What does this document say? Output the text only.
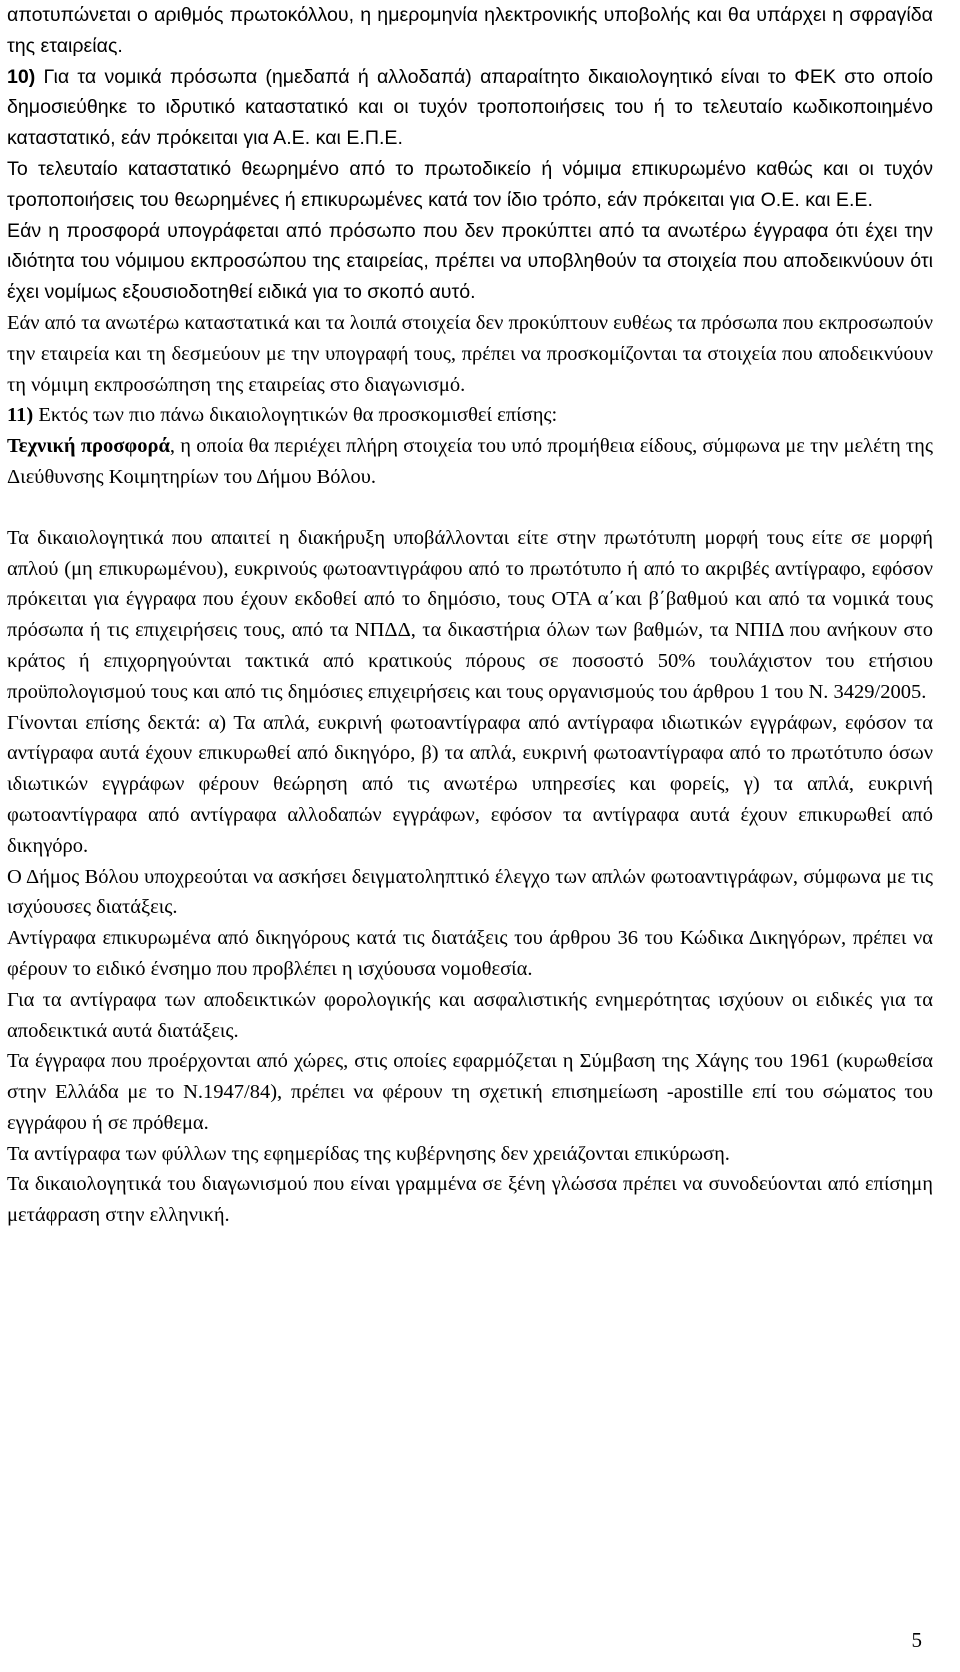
αποτυπώνεται ο αριθμός πρωτοκόλλου, η ημερομηνία ηλεκτρονικής υποβολής και θα υπάρχει η σφραγίδα της εταιρείας.

10) Για τα νομικά πρόσωπα (ημεδαπά ή αλλοδαπά) απαραίτητο δικαιολογητικό είναι το ΦΕΚ στο οποίο δημοσιεύθηκε το ιδρυτικό καταστατικό και οι τυχόν τροποποιήσεις του ή το τελευταίο κωδικοποιημένο καταστατικό, εάν πρόκειται για Α.Ε. και Ε.Π.Ε.

Το τελευταίο καταστατικό θεωρημένο από το πρωτοδικείο ή νόμιμα επικυρωμένο καθώς και οι τυχόν τροποποιήσεις του θεωρημένες ή επικυρωμένες κατά τον ίδιο τρόπο, εάν πρόκειται για Ο.Ε. και Ε.Ε.

Εάν η προσφορά υπογράφεται από πρόσωπο που δεν προκύπτει από τα ανωτέρω έγγραφα ότι έχει την ιδιότητα του νόμιμου εκπροσώπου της εταιρείας, πρέπει να υποβληθούν τα στοιχεία που αποδεικνύουν ότι έχει νομίμως εξουσιοδοτηθεί ειδικά για το σκοπό αυτό.

Εάν από τα ανωτέρω καταστατικά και τα λοιπά στοιχεία δεν προκύπτουν ευθέως τα πρόσωπα που εκπροσωπούν την εταιρεία και τη δεσμεύουν με την υπογραφή τους, πρέπει να προσκομίζονται τα στοιχεία που αποδεικνύουν τη νόμιμη εκπροσώπηση της εταιρείας στο διαγωνισμό.

11) Εκτός των πιο πάνω δικαιολογητικών θα προσκομισθεί επίσης:

Τεχνική προσφορά, η οποία θα περιέχει πλήρη στοιχεία του υπό προμήθεια είδους, σύμφωνα με την μελέτη της Διεύθυνσης Κοιμητηρίων του Δήμου Βόλου.

Τα δικαιολογητικά που απαιτεί η διακήρυξη υποβάλλονται είτε στην πρωτότυπη μορφή τους είτε σε μορφή απλού (μη επικυρωμένου), ευκρινούς φωτοαντιγράφου από το πρωτότυπο ή από το ακριβές αντίγραφο, εφόσον πρόκειται για έγγραφα που έχουν εκδοθεί από το δημόσιο, τους ΟΤΑ α΄και β΄βαθμού και από τα νομικά τους πρόσωπα ή τις επιχειρήσεις τους, από τα ΝΠΔΔ, τα δικαστήρια όλων των βαθμών, τα ΝΠΙΔ που ανήκουν στο κράτος ή επιχορηγούνται τακτικά από κρατικούς πόρους σε ποσοστό 50% τουλάχιστον του ετήσιου προϋπολογισμού τους και από τις δημόσιες επιχειρήσεις και τους οργανισμούς του άρθρου 1 του Ν. 3429/2005.

Γίνονται επίσης δεκτά: α) Τα απλά, ευκρινή φωτοαντίγραφα από αντίγραφα ιδιωτικών εγγράφων, εφόσον τα αντίγραφα αυτά έχουν επικυρωθεί από δικηγόρο, β) τα απλά, ευκρινή φωτοαντίγραφα από το πρωτότυπο όσων ιδιωτικών εγγράφων φέρουν θεώρηση από τις ανωτέρω υπηρεσίες και φορείς, γ) τα απλά, ευκρινή φωτοαντίγραφα από αντίγραφα αλλοδαπών εγγράφων, εφόσον τα αντίγραφα αυτά έχουν επικυρωθεί από δικηγόρο.

Ο Δήμος Βόλου υποχρεούται να ασκήσει δειγματοληπτικό έλεγχο των απλών φωτοαντιγράφων, σύμφωνα με τις ισχύουσες διατάξεις.

Αντίγραφα επικυρωμένα από δικηγόρους κατά τις διατάξεις του άρθρου 36 του Κώδικα Δικηγόρων, πρέπει να φέρουν το ειδικό ένσημο που προβλέπει η ισχύουσα νομοθεσία.

Για τα αντίγραφα των αποδεικτικών φορολογικής και ασφαλιστικής ενημερότητας ισχύουν οι ειδικές για τα αποδεικτικά αυτά διατάξεις.

Τα έγγραφα που προέρχονται από χώρες, στις οποίες εφαρμόζεται η Σύμβαση της Χάγης του 1961 (κυρωθείσα στην Ελλάδα με το Ν.1947/84), πρέπει να φέρουν τη σχετική επισημείωση -apostille επί του σώματος του εγγράφου ή σε πρόθεμα.

Τα αντίγραφα των φύλλων της εφημερίδας της κυβέρνησης δεν χρειάζονται επικύρωση.

Τα δικαιολογητικά του διαγωνισμού που είναι γραμμένα σε ξένη γλώσσα πρέπει να συνοδεύονται από επίσημη μετάφραση στην ελληνική.

5
